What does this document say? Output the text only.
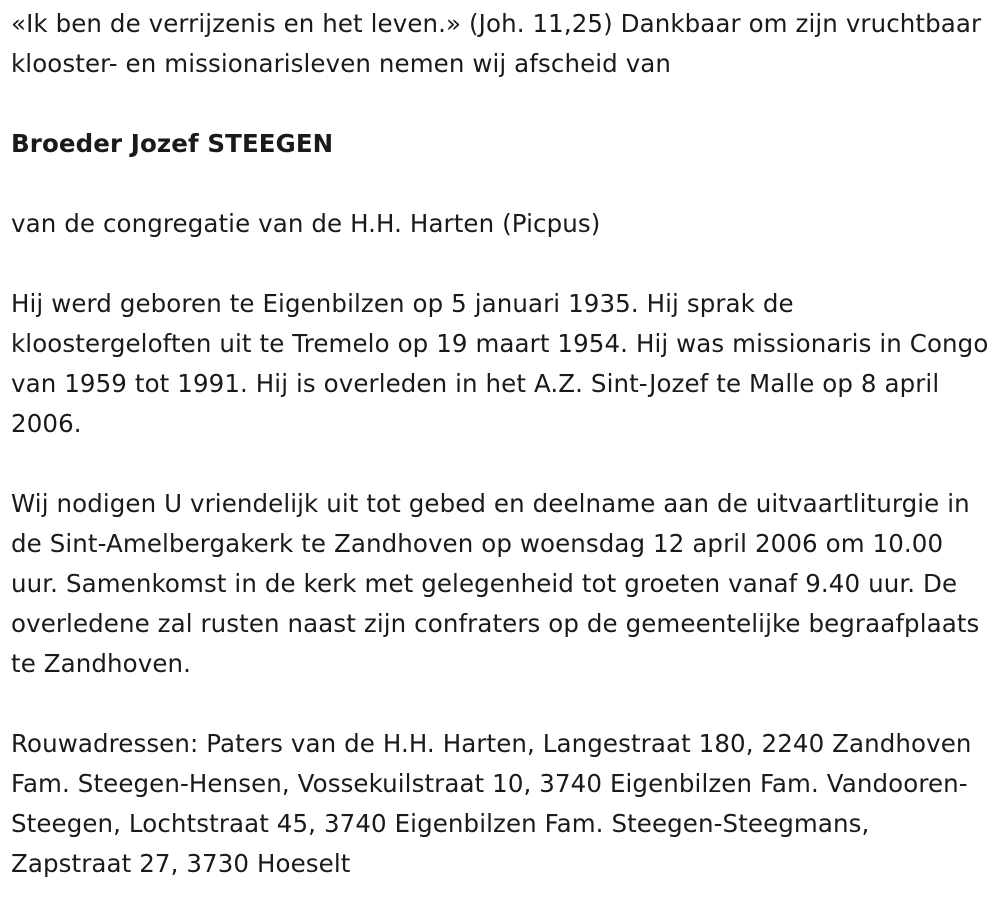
«Ik ben de verrijzenis en het leven.» (Joh. 11,25) Dankbaar om zijn vruchtbaar klooster- en missionarisleven nemen wij afscheid van

Broeder Jozef STEEGEN

van de congregatie van de H.H. Harten (Picpus)

Hij werd geboren te Eigenbilzen op 5 januari 1935. Hij sprak de kloostergeloften uit te Tremelo op 19 maart 1954. Hij was missionaris in Congo van 1959 tot 1991. Hij is overleden in het A.Z. Sint-Jozef te Malle op 8 april 2006.

Wij nodigen U vriendelijk uit tot gebed en deelname aan de uitvaartliturgie in de Sint-Amelbergakerk te Zandhoven op woensdag 12 april 2006 om 10.00 uur. Samenkomst in de kerk met gelegenheid tot groeten vanaf 9.40 uur. De overledene zal rusten naast zijn confraters op de gemeentelijke begraafplaats te Zandhoven.

Rouwadressen: Paters van de H.H. Harten, Langestraat 180, 2240 Zandhoven Fam. Steegen-Hensen, Vossekuilstraat 10, 3740 Eigenbilzen Fam. Vandooren-Steegen, Lochtstraat 45, 3740 Eigenbilzen Fam. Steegen-Steegmans, Zapstraat 27, 3730 Hoeselt
